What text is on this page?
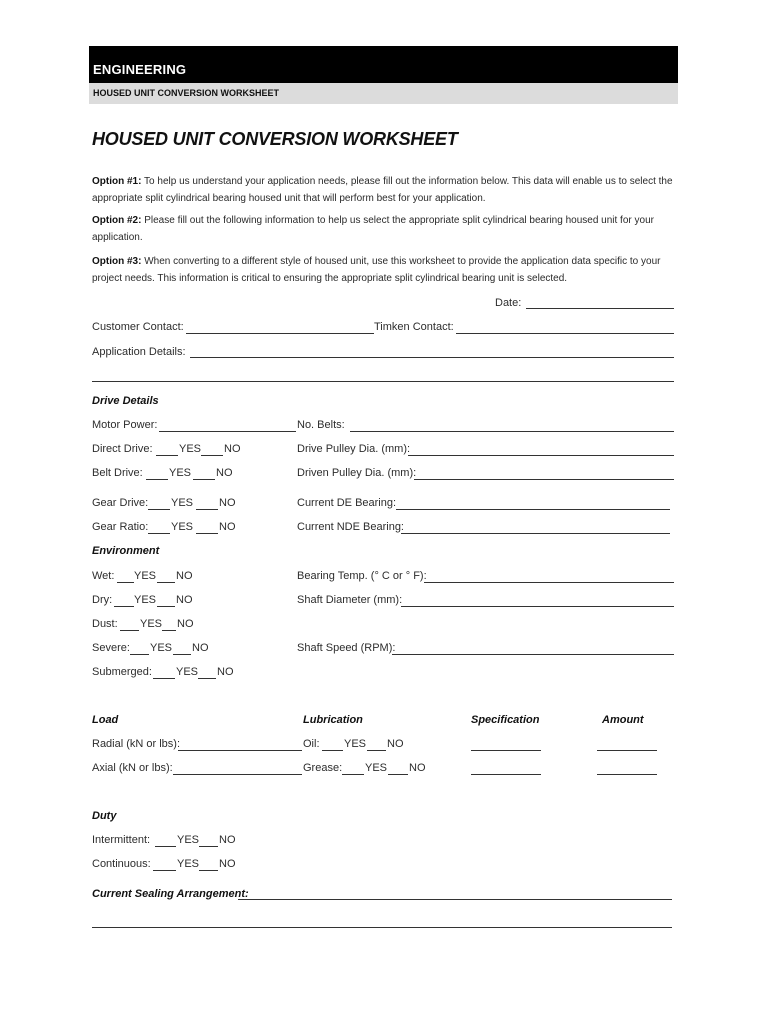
ENGINEERING
HOUSED UNIT CONVERSION WORKSHEET
HOUSED UNIT CONVERSION WORKSHEET
Option #1: To help us understand your application needs, please fill out the information below. This data will enable us to select the
appropriate split cylindrical bearing housed unit that will perform best for your application.
Option #2: Please fill out the following information to help us select the appropriate split cylindrical bearing housed unit for your
application.
Option #3: When converting to a different style of housed unit, use this worksheet to provide the application data specific to your
project needs. This information is critical to ensuring the appropriate split cylindrical bearing unit is selected.
Date:
Customer Contact:	Timken Contact:
Application Details:
Drive Details
Motor Power:	No. Belts:
Direct Drive: YES NO	Drive Pulley Dia. (mm):
Belt Drive: YES NO	Driven Pulley Dia. (mm):
Gear Drive: YES NO	Current DE Bearing:
Gear Ratio: YES NO	Current NDE Bearing:
Environment
Wet: YES NO	Bearing Temp. (° C or ° F):
Dry: YES NO	Shaft Diameter (mm):
Dust: YES NO
Severe: YES NO	Shaft Speed (RPM):
Submerged: YES NO
Load	Lubrication	Specification	Amount
Radial (kN or lbs):	Oil: YES NO
Axial (kN or lbs):	Grease: YES NO
Duty
Intermittent: YES NO
Continuous: YES NO
Current Sealing Arrangement:
